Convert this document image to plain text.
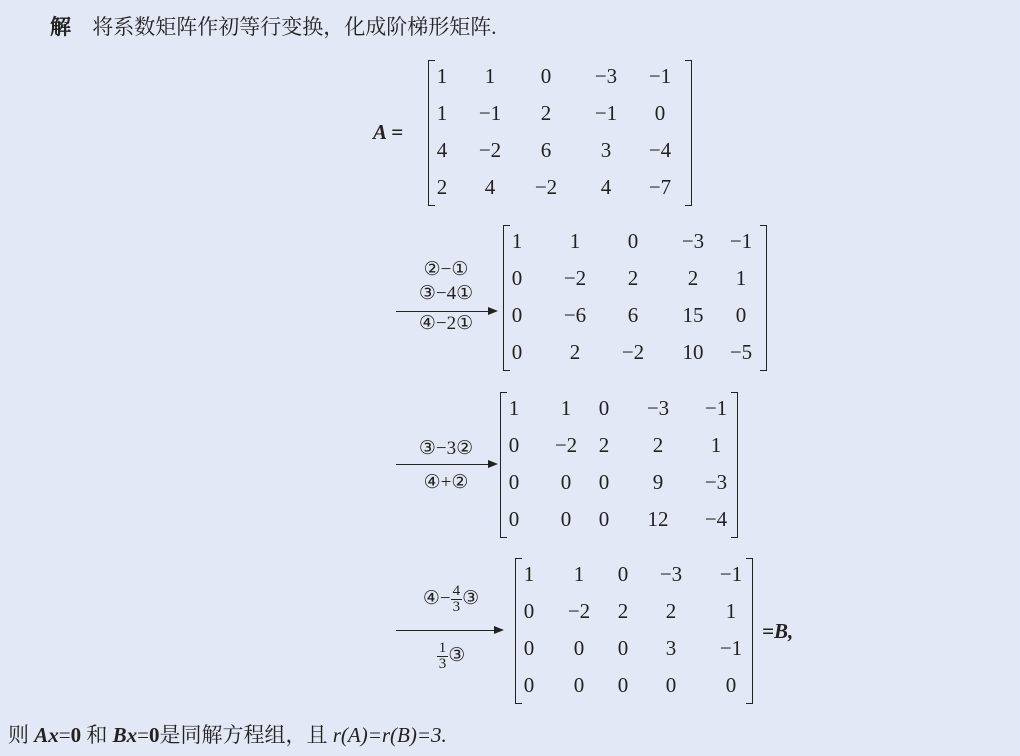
解 将系数矩阵作初等行变换，化成阶梯形矩阵.
A =
1	1	0	−3	−1
1	−1	2	−1	0
4	−2	6	3	−4
2	4	−2	4	−7
②−①
③−4①
④−2①
1	1	0	−3	−1
0	−2	2	2	1
0	−6	6	15	0
0	2	−2	10	−5
③−3②
④+②
1	1	0	−3	−1
0	−2	2	2	1
0	0	0	9	−3
0	0	0	12	−4
④− $\frac{4}{3}$ ③
$\frac{1}{3}$ ③
1	1	0	−3	−1
0	−2	2	2	1
0	0	0	3	−1
0	0	0	0	0
=B,
则 Ax=0 和 Bx=0是同解方程组，且 r(A)=r(B)=3.
